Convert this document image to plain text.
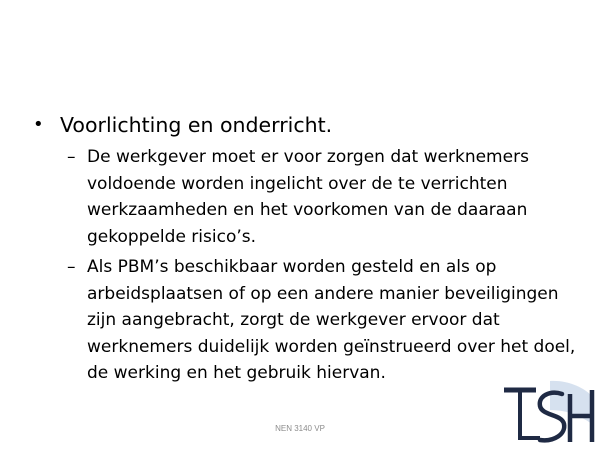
• Voorlichting en onderricht.
– De werkgever moet er voor zorgen dat werknemers voldoende worden ingelicht over de te verrichten werkzaamheden en het voorkomen van de daaraan gekoppelde risico’s.
– Als PBM’s beschikbaar worden gesteld en als op arbeidsplaatsen of op een andere manier beveiligingen zijn aangebracht, zorgt de werkgever ervoor dat werknemers duidelijk worden geïnstrueerd over het doel, de werking en het gebruik hiervan.
NEN 3140 VP
